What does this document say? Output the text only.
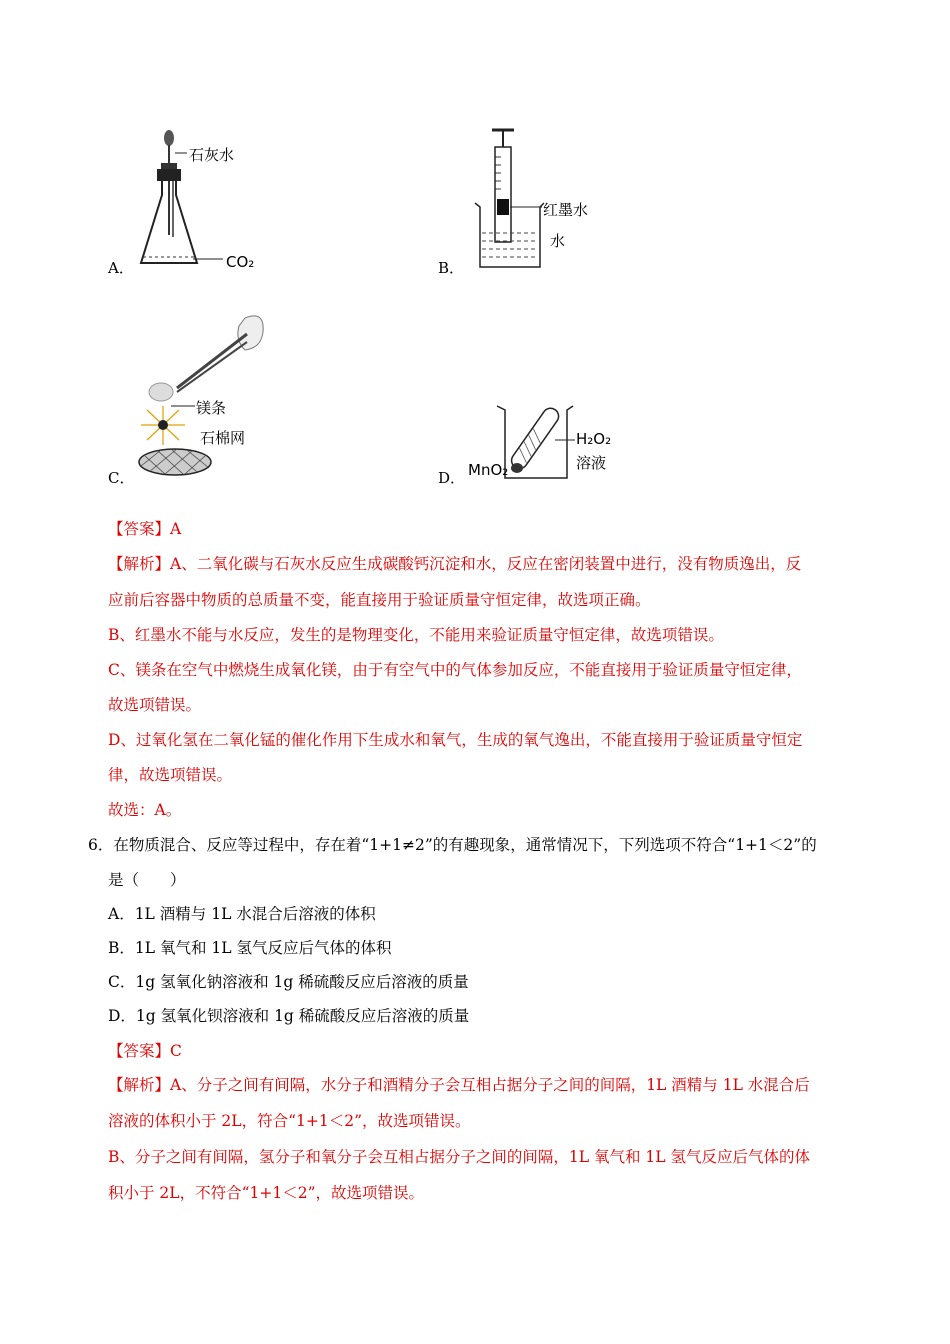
A．
石灰水
CO₂	B．
红墨水
水
C．
镁条
石棉网
D．
H₂O₂
溶液
MnO₂
【答案】A
【解析】A、二氧化碳与石灰水反应生成碳酸钙沉淀和水，反应在密闭装置中进行，没有物质逸出，反
应前后容器中物质的总质量不变，能直接用于验证质量守恒定律，故选项正确。
B、红墨水不能与水反应，发生的是物理变化，不能用来验证质量守恒定律，故选项错误。
C、镁条在空气中燃烧生成氧化镁，由于有空气中的气体参加反应，不能直接用于验证质量守恒定律，
故选项错误。
D、过氧化氢在二氧化锰的催化作用下生成水和氧气，生成的氧气逸出，不能直接用于验证质量守恒定
律，故选项错误。
故选：A。
6．在物质混合、反应等过程中，存在着“1+1≠2”的有趣现象，通常情况下，下列选项不符合“1+1＜2”的
是（　　）
A．1L 酒精与 1L 水混合后溶液的体积
B．1L 氧气和 1L 氢气反应后气体的体积
C．1g 氢氧化钠溶液和 1g 稀硫酸反应后溶液的质量
D．1g 氢氧化钡溶液和 1g 稀硫酸反应后溶液的质量
【答案】C
【解析】A、分子之间有间隔，水分子和酒精分子会互相占据分子之间的间隔，1L 酒精与 1L 水混合后
溶液的体积小于 2L，符合“1+1＜2”，故选项错误。
B、分子之间有间隔，氢分子和氧分子会互相占据分子之间的间隔，1L 氧气和 1L 氢气反应后气体的体
积小于 2L，不符合“1+1＜2”，故选项错误。
